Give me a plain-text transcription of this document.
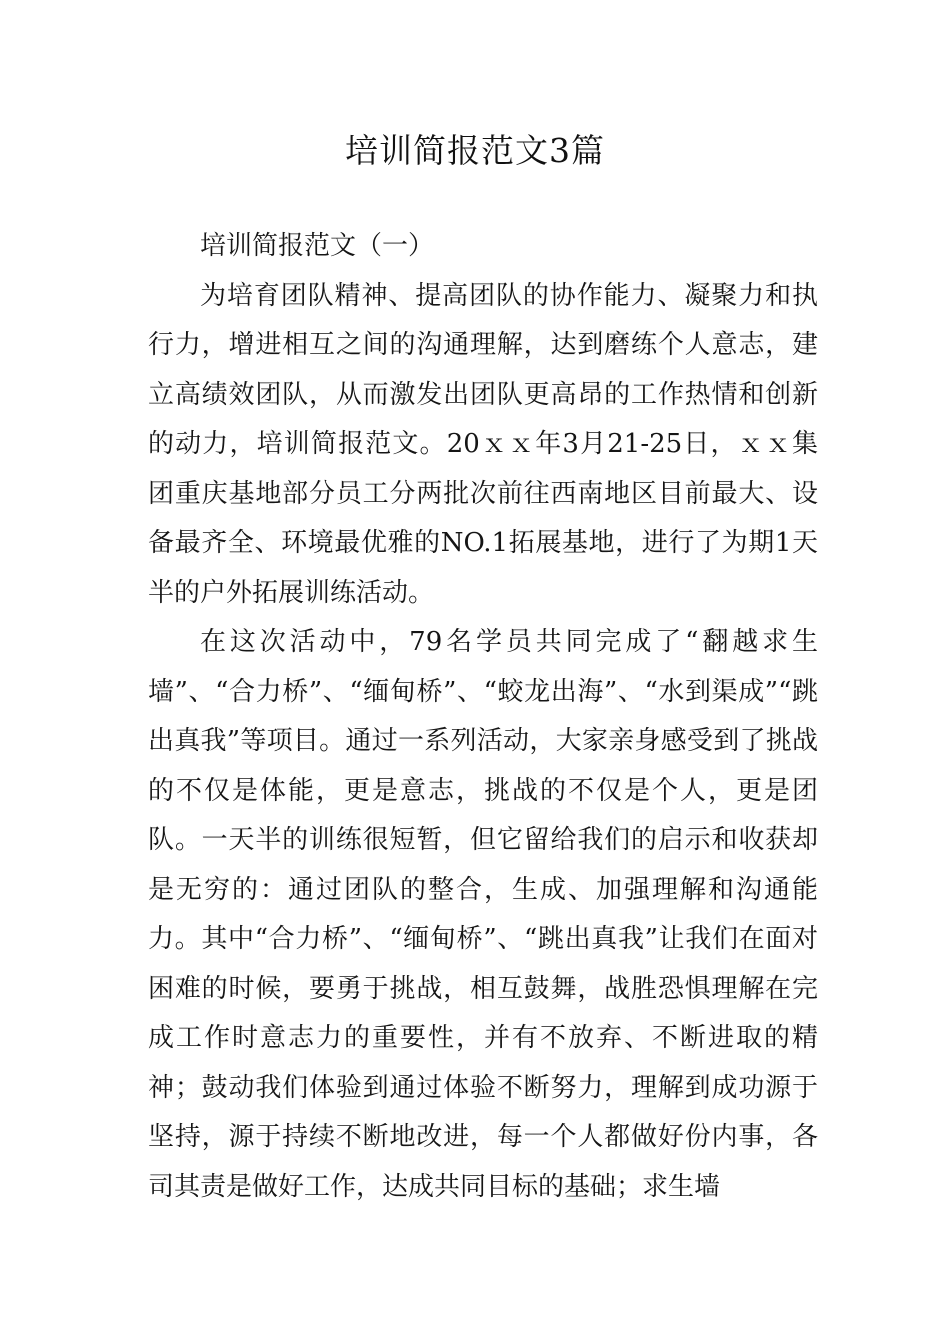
培训简报范文3篇

培训简报范文（一）

为培育团队精神、提高团队的协作能力、凝聚力和执行力，增进相互之间的沟通理解，达到磨练个人意志，建立高绩效团队，从而激发出团队更高昂的工作热情和创新的动力，培训简报范文。20ｘｘ年3月21-25日，ｘｘ集团重庆基地部分员工分两批次前往西南地区目前最大、设备最齐全、环境最优雅的NO.1拓展基地，进行了为期1天半的户外拓展训练活动。

在这次活动中，79名学员共同完成了“翻越求生墙”、“合力桥”、“缅甸桥”、“蛟龙出海”、“水到渠成”“跳出真我”等项目。通过一系列活动，大家亲身感受到了挑战的不仅是体能，更是意志，挑战的不仅是个人，更是团队。一天半的训练很短暂，但它留给我们的启示和收获却是无穷的：通过团队的整合，生成、加强理解和沟通能力。其中“合力桥”、“缅甸桥”、“跳出真我”让我们在面对困难的时候，要勇于挑战，相互鼓舞，战胜恐惧理解在完成工作时意志力的重要性，并有不放弃、不断进取的精神；鼓动我们体验到通过体验不断努力，理解到成功源于坚持，源于持续不断地改进，每一个人都做好份内事，各司其责是做好工作，达成共同目标的基础；求生墙
